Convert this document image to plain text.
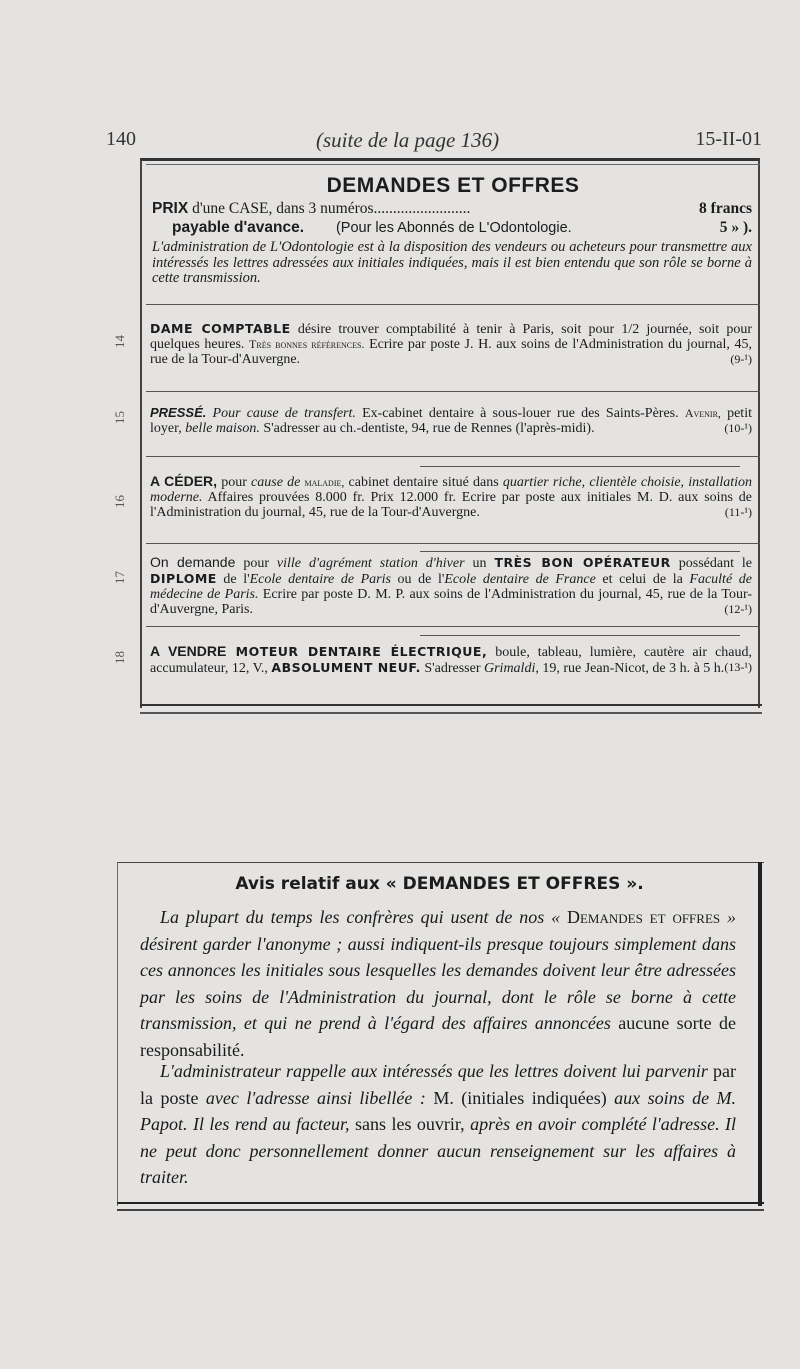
140	(suite de la page 136)	15-II-01
DEMANDES ET OFFRES
PRIX d'une CASE, dans 3 numéros.........................	8 francs
payable d'avance. (Pour les Abonnés de L'Odontologie.	5 » ).
L'administration de L'Odontologie est à la disposition des vendeurs ou acheteurs pour transmettre aux intéressés les lettres adressées aux initiales indiquées, mais il est bien entendu que son rôle se borne à cette transmission.
14
15
16
17
18
DAME COMPTABLE désire trouver comptabilité à tenir à Paris, soit pour 1/2 journée, soit pour quelques heures. Très bonnes références. Ecrire par poste J. H. aux soins de l'Administration du journal, 45, rue de la Tour-d'Auvergne.	(9-¹)
PRESSÉ. Pour cause de transfert. Ex-cabinet dentaire à sous-louer rue des Saints-Pères. Avenir, petit loyer, belle maison. S'adresser au ch.-dentiste, 94, rue de Rennes (l'après-midi).	(10-¹)
A CÉDER, pour cause de maladie, cabinet dentaire situé dans quartier riche, clientèle choisie, installation moderne. Affaires prouvées 8.000 fr. Prix 12.000 fr. Ecrire par poste aux initiales M. D. aux soins de l'Administration du journal, 45, rue de la Tour-d'Auvergne.	(11-¹)
On demande pour ville d'agrément station d'hiver un TRÈS BON OPÉRATEUR possédant le DIPLOME de l'Ecole dentaire de Paris ou de l'Ecole dentaire de France et celui de la Faculté de médecine de Paris. Ecrire par poste D. M. P. aux soins de l'Administration du journal, 45, rue de la Tour-d'Auvergne, Paris.	(12-¹)
A VENDRE MOTEUR DENTAIRE ÉLECTRIQUE, boule, tableau, lumière, cautère air chaud, accumulateur, 12, V., ABSOLUMENT NEUF. S'adresser Grimaldi, 19, rue Jean-Nicot, de 3 h. à 5 h. (13-¹)
Avis relatif aux « DEMANDES ET OFFRES ».
La plupart du temps les confrères qui usent de nos « Demandes et offres » désirent garder l'anonyme ; aussi indiquent-ils presque toujours simplement dans ces annonces les initiales sous lesquelles les demandes doivent leur être adressées par les soins de l'Administration du journal, dont le rôle se borne à cette transmission, et qui ne prend à l'égard des affaires annoncées aucune sorte de responsabilité.
L'administrateur rappelle aux intéressés que les lettres doivent lui parvenir par la poste avec l'adresse ainsi libellée : M. (initiales indiquées) aux soins de M. Papot. Il les rend au facteur, sans les ouvrir, après en avoir complété l'adresse. Il ne peut donc personnellement donner aucun renseignement sur les affaires à traiter.
